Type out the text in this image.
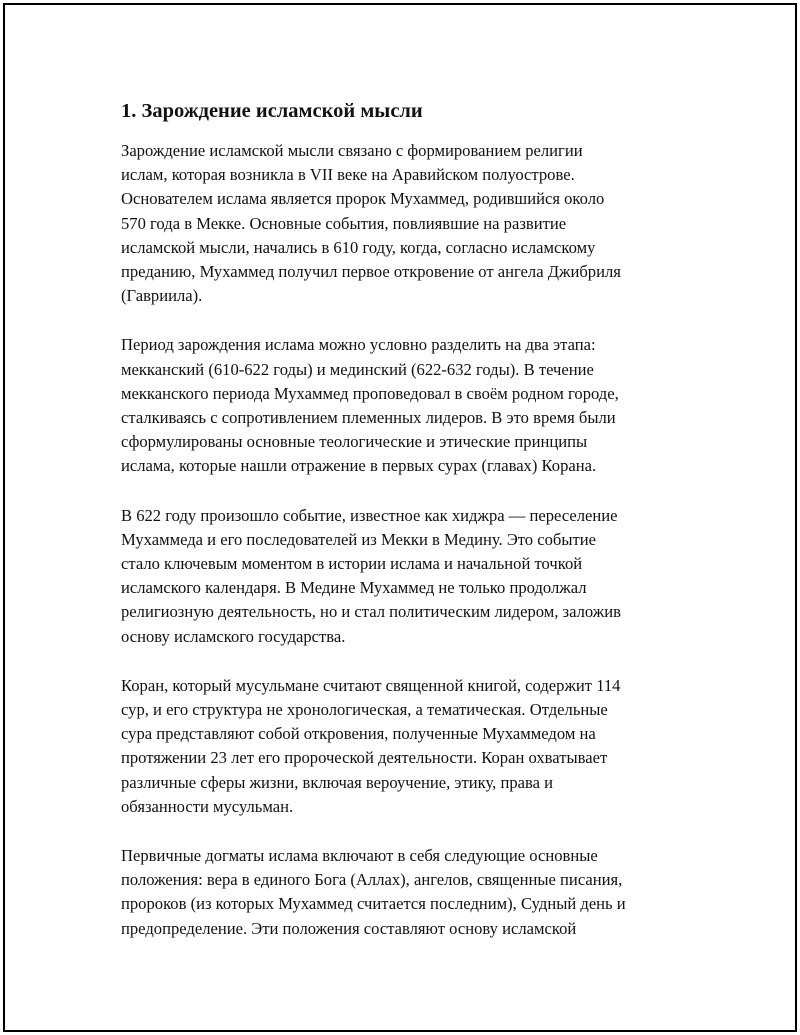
1. Зарождение исламской мысли

Зарождение исламской мысли связано с формированием религии
ислам, которая возникла в VII веке на Аравийском полуострове.
Основателем ислама является пророк Мухаммед, родившийся около
570 года в Мекке. Основные события, повлиявшие на развитие
исламской мысли, начались в 610 году, когда, согласно исламскому
преданию, Мухаммед получил первое откровение от ангела Джибриля
(Гавриила).

Период зарождения ислама можно условно разделить на два этапа:
мекканский (610-622 годы) и мединский (622-632 годы). В течение
мекканского периода Мухаммед проповедовал в своём родном городе,
сталкиваясь с сопротивлением племенных лидеров. В это время были
сформулированы основные теологические и этические принципы
ислама, которые нашли отражение в первых сурах (главах) Корана.

В 622 году произошло событие, известное как хиджра — переселение
Мухаммеда и его последователей из Мекки в Медину. Это событие
стало ключевым моментом в истории ислама и начальной точкой
исламского календаря. В Медине Мухаммед не только продолжал
религиозную деятельность, но и стал политическим лидером, заложив
основу исламского государства.

Коран, который мусульмане считают священной книгой, содержит 114
сур, и его структура не хронологическая, а тематическая. Отдельные
сура представляют собой откровения, полученные Мухаммедом на
протяжении 23 лет его пророческой деятельности. Коран охватывает
различные сферы жизни, включая вероучение, этику, права и
обязанности мусульман.

Первичные догматы ислама включают в себя следующие основные
положения: вера в единого Бога (Аллах), ангелов, священные писания,
пророков (из которых Мухаммед считается последним), Судный день и
предопределение. Эти положения составляют основу исламской
